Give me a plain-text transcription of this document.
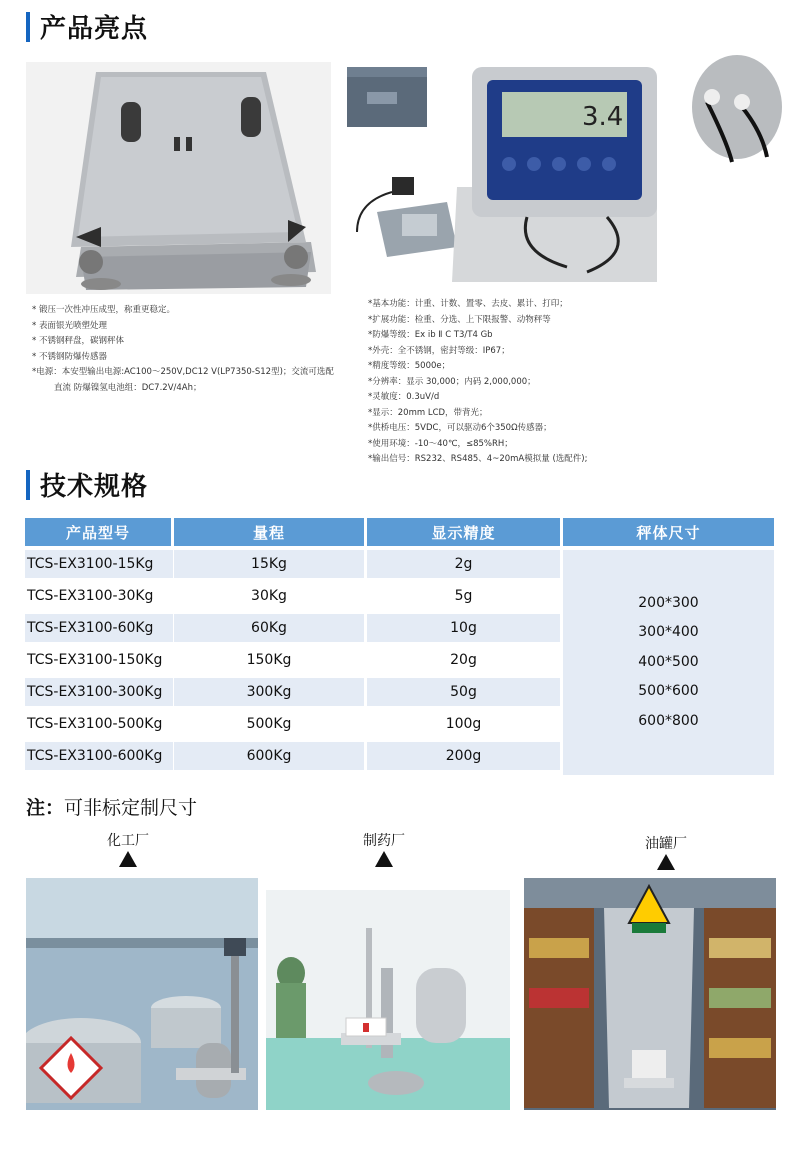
产品亮点
3.4
* 锻压一次性冲压成型，称重更稳定。
* 表面银光喷塑处理
* 不锈钢秤盘，碳钢秤体
* 不锈钢防爆传感器
*电源：本安型输出电源:AC100～250V,DC12 V(LP7350-S12型)；交流可选配
直流 防爆镍氢电池组：DC7.2V/4Ah；
*基本功能：计重、计数、置零、去皮、累计、打印；
*扩展功能：检重、分选、上下限报警、动物秤等
*防爆等级：Ex ib Ⅱ C T3/T4 Gb
*外壳：全不锈钢，密封等级：IP67；
*精度等级：5000e；
*分辨率：显示 30,000；内码 2,000,000；
*灵敏度：0.3uV/d
*显示：20mm LCD，带背光；
*供桥电压：5VDC，可以驱动6个350Ω传感器；
*使用环境：-10～40℃，≤85%RH；
*输出信号：RS232、RS485、4~20mA模拟量 (选配件);
技术规格
产品型号	量程	显示精度	秤体尺寸
TCS-EX3100-15Kg	15Kg	2g
TCS-EX3100-30Kg	30Kg	5g
TCS-EX3100-60Kg	60Kg	10g
TCS-EX3100-150Kg	150Kg	20g
TCS-EX3100-300Kg	300Kg	50g
TCS-EX3100-500Kg	500Kg	100g
TCS-EX3100-600Kg	600Kg	200g
200*300
300*400
400*500
500*600
600*800
注：可非标定制尺寸
化工厂	制药厂	油罐厂
